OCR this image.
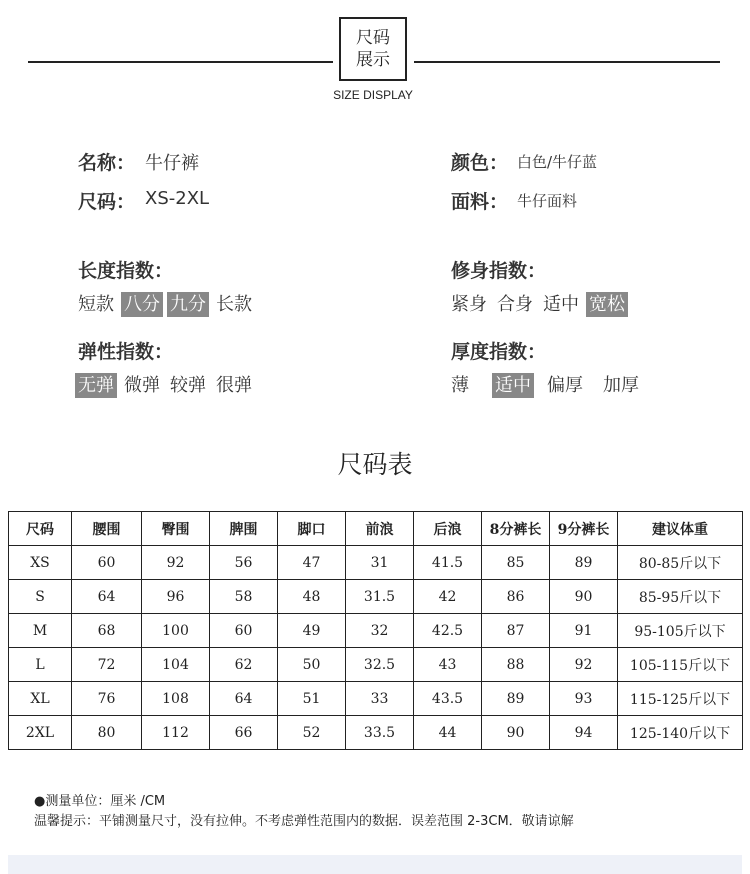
尺码
展示
SIZE DISPLAY
名称： 牛仔裤
尺码： XS-2XL
颜色： 白色/牛仔蓝
面料： 牛仔面料
长度指数：
短款 八分 九分 长款
修身指数：
紧身 合身 适中 宽松
弹性指数：
无弹 微弹 较弹 很弹
厚度指数：
薄 适中 偏厚 加厚
尺码表
尺码	腰围	臀围	脾围	脚口	前浪	后浪	8分裤长	9分裤长	建议体重
XS	60	92	56	47	31	41.5	85	89	80-85斤以下
S	64	96	58	48	31.5	42	86	90	85-95斤以下
M	68	100	60	49	32	42.5	87	91	95-105斤以下
L	72	104	62	50	32.5	43	88	92	105-115斤以下
XL	76	108	64	51	33	43.5	89	93	115-125斤以下
2XL	80	112	66	52	33.5	44	90	94	125-140斤以下
●测量单位：厘米 /CM
温馨提示：平铺测量尺寸，没有拉伸。不考虑弹性范围内的数据．误差范围 2-3CM．敬请谅解
